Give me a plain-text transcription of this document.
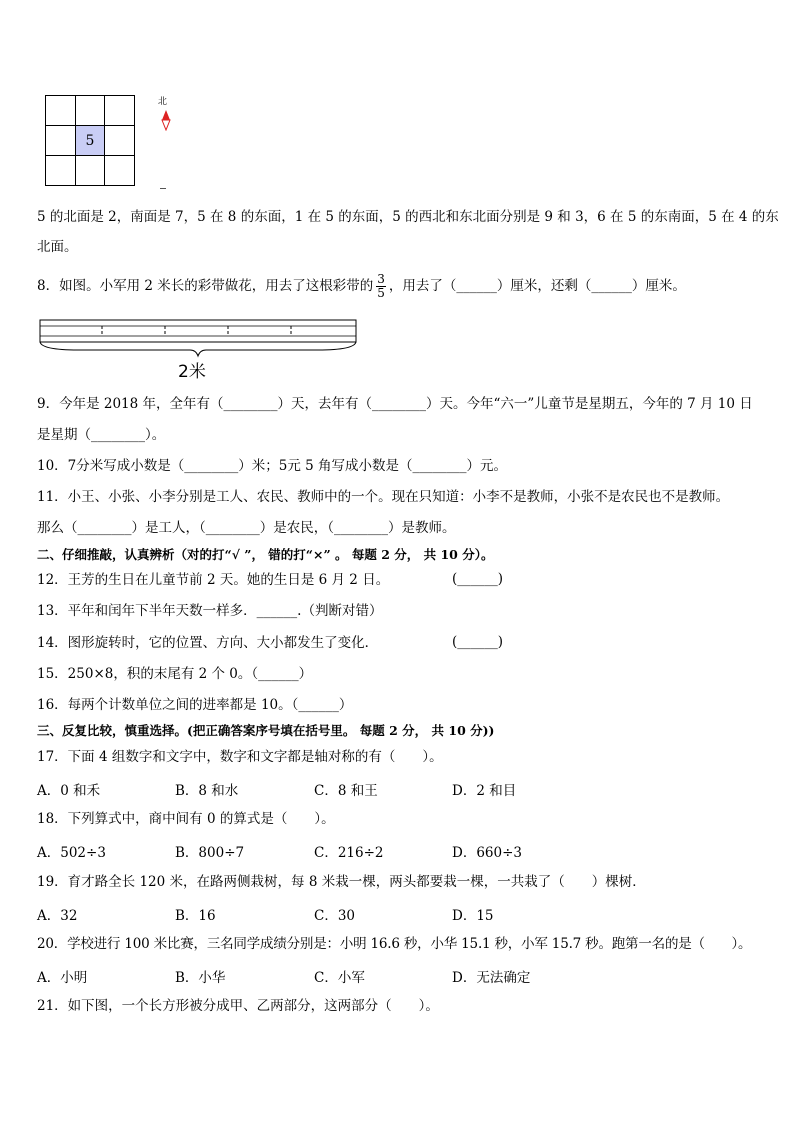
	5	

北
5 的北面是 2，南面是 7，5 在 8 的东面，1 在 5 的东面，5 的西北和东北面分别是 9 和 3，6 在 5 的东南面，5 在 4 的东
北面。
8．如图。小军用 2 米长的彩带做花，用去了这根彩带的 $\frac{3}{5}$ ，用去了（______）厘米，还剩（______）厘米。
2米
9．今年是 2018 年，全年有（________）天，去年有（________）天。今年“六一”儿童节是星期五，今年的 7 月 10 日
是星期（________）。
10．7分米写成小数是（________）米；5元 5 角写成小数是（________）元。
11．小王、小张、小李分别是工人、农民、教师中的一个。现在只知道：小李不是教师，小张不是农民也不是教师。
那么（________）是工人，（________）是农民，（________）是教师。
二、仔细推敲，认真辨析（对的打“√ ”， 错的打“×” 。 每题 2 分， 共 10 分）。
12．王芳的生日在儿童节前 2 天。她的生日是 6 月 2 日。	(______)
13．平年和闰年下半年天数一样多．______.（判断对错）
14．图形旋转时，它的位置、方向、大小都发生了变化．	(______)
15．250×8，积的末尾有 2 个 0。（______）
16．每两个计数单位之间的进率都是 10。（______）
三、反复比较，慎重选择。(把正确答案序号填在括号里。 每题 2 分， 共 10 分))
17．下面 4 组数字和文字中，数字和文字都是轴对称的有（　　）。
A．0 和禾	B．8 和水	C．8 和王	D．2 和目
18．下列算式中，商中间有 0 的算式是（　　）。
A．502÷3	B．800÷7	C．216÷2	D．660÷3
19．育才路全长 120 米，在路两侧栽树，每 8 米栽一棵，两头都要栽一棵，一共栽了（　　）棵树．
A．32	B．16	C．30	D．15
20．学校进行 100 米比赛，三名同学成绩分别是：小明 16.6 秒，小华 15.1 秒，小军 15.7 秒。跑第一名的是（　　）。
A．小明	B．小华	C．小军	D．无法确定
21．如下图，一个长方形被分成甲、乙两部分，这两部分（　　）。
